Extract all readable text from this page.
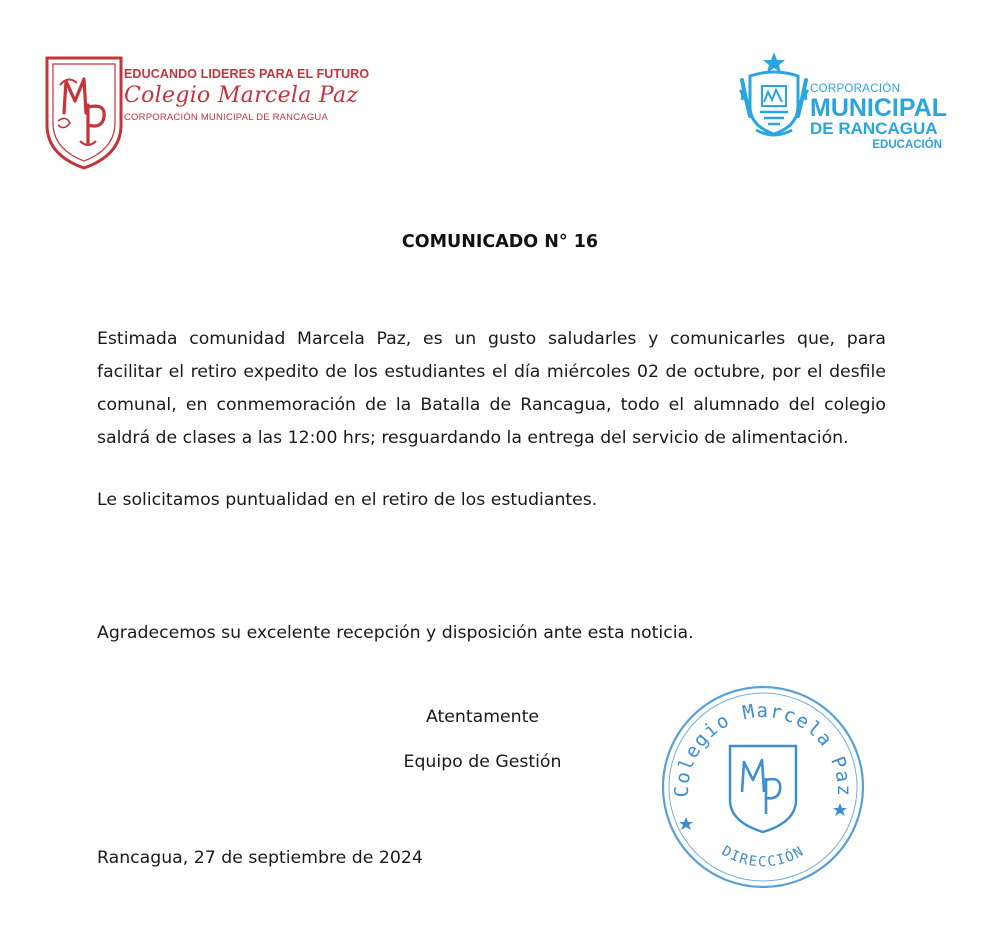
EDUCANDO LIDERES PARA EL FUTURO
Colegio Marcela Paz
CORPORACIÓN MUNICIPAL DE RANCAGUA
CORPORACIÓN
MUNICIPAL
DE RANCAGUA
EDUCACIÓN
COMUNICADO N° 16

Estimada comunidad Marcela Paz, es un gusto saludarles y comunicarles que, para facilitar el retiro expedito de los estudiantes el día miércoles 02 de octubre, por el desfile comunal, en conmemoración de la Batalla de Rancagua, todo el alumnado del colegio saldrá de clases a las 12:00 hrs; resguardando la entrega del servicio de alimentación.

Le solicitamos puntualidad en el retiro de los estudiantes.

Agradecemos su excelente recepción y disposición ante esta noticia.

Atentamente
Equipo de Gestión

Rancagua, 27 de septiembre de 2024

Colegio Marcela Paz
DIRECCIÓN
